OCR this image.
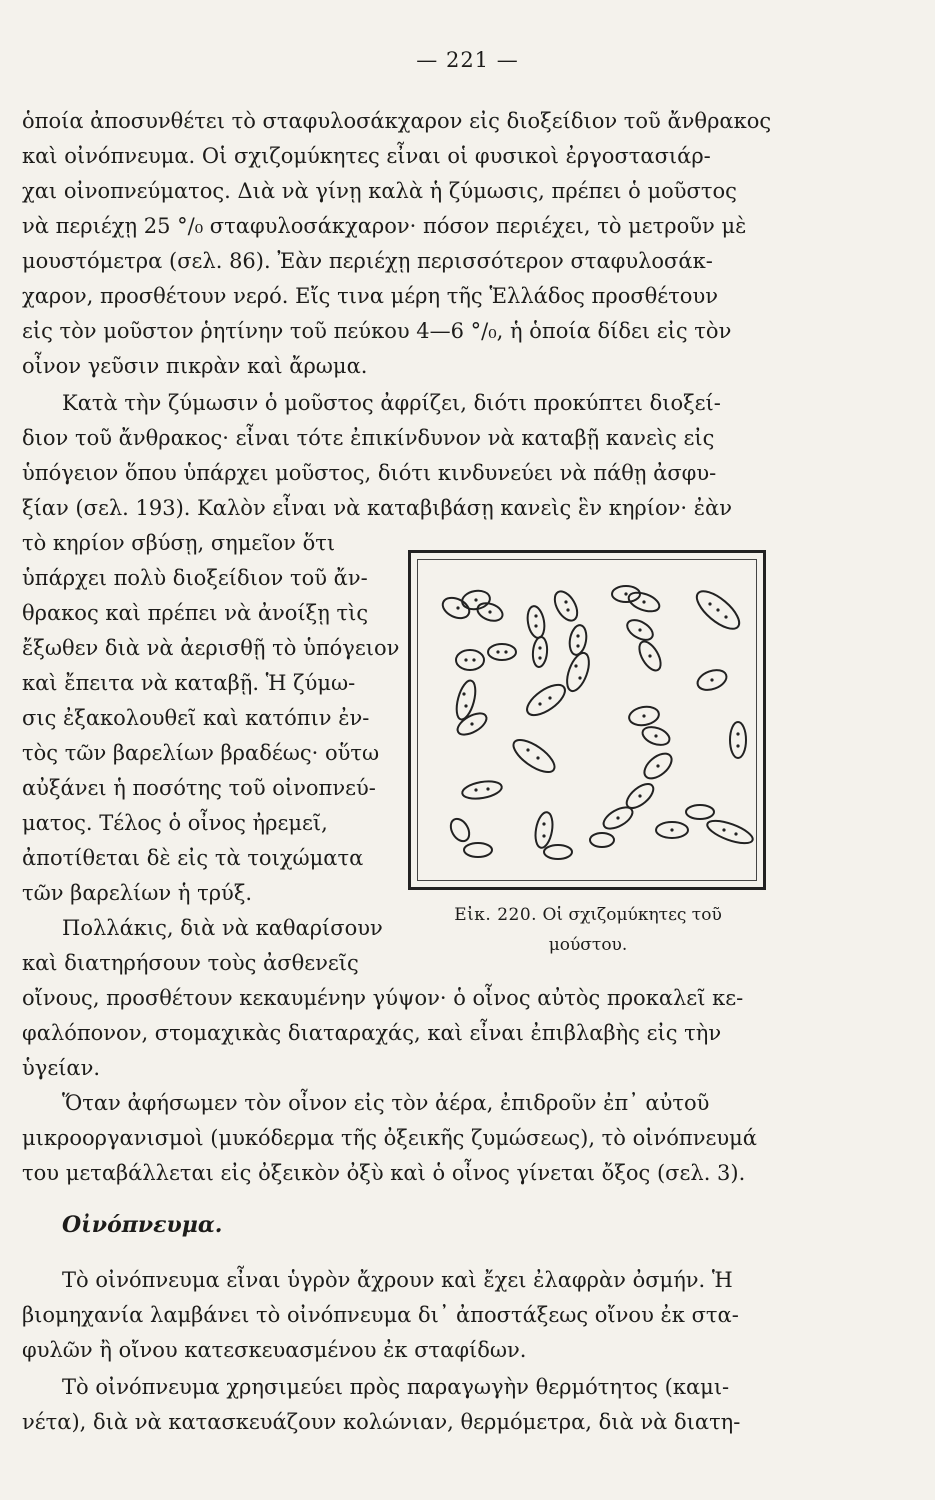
— 221 —
ὁποία ἀποσυνθέτει τὸ σταφυλοσάκχαρον εἰς διοξείδιον τοῦ ἄνθρακος
καὶ οἰνόπνευμα. Οἱ σχιζομύκητες εἶναι οἱ φυσικοὶ ἐργοστασιάρ-
χαι οἰνοπνεύματος. Διὰ νὰ γίνῃ καλὰ ἡ ζύμωσις, πρέπει ὁ μοῦστος
νὰ περιέχῃ 25 °/₀ σταφυλοσάκχαρον· πόσον περιέχει, τὸ μετροῦν μὲ
μουστόμετρα (σελ. 86). Ἐὰν περιέχῃ περισσότερον σταφυλοσάκ-
χαρον, προσθέτουν νερό. Εἴς τινα μέρη τῆς Ἑλλάδος προσθέτουν
εἰς τὸν μοῦστον ῥητίνην τοῦ πεύκου 4—6 °/₀, ἡ ὁποία δίδει εἰς τὸν
οἶνον γεῦσιν πικρὰν καὶ ἄρωμα.
Κατὰ τὴν ζύμωσιν ὁ μοῦστος ἀφρίζει, διότι προκύπτει διοξεί-
διον τοῦ ἄνθρακος· εἶναι τότε ἐπικίνδυνον νὰ καταβῇ κανεὶς εἰς
ὑπόγειον ὅπου ὑπάρχει μοῦστος, διότι κινδυνεύει νὰ πάθῃ ἀσφυ-
ξίαν (σελ. 193). Καλὸν εἶναι νὰ καταβιβάσῃ κανεὶς ἓν κηρίον· ἐὰν
τὸ κηρίον σβύσῃ, σημεῖον ὅτι
ὑπάρχει πολὺ διοξείδιον τοῦ ἄν-
θρακος καὶ πρέπει νὰ ἀνοίξῃ τὶς
ἔξωθεν διὰ νὰ ἀερισθῇ τὸ ὑπόγειον
καὶ ἔπειτα νὰ καταβῇ. Ἡ ζύμω-
σις ἐξακολουθεῖ καὶ κατόπιν ἐν-
τὸς τῶν βαρελίων βραδέως· οὕτω
αὐξάνει ἡ ποσότης τοῦ οἰνοπνεύ-
ματος. Τέλος ὁ οἶνος ἠρεμεῖ,
ἀποτίθεται δὲ εἰς τὰ τοιχώματα
τῶν βαρελίων ἡ τρύξ.
Πολλάκις, διὰ νὰ καθαρίσουν
καὶ διατηρήσουν τοὺς ἀσθενεῖς
οἴνους, προσθέτουν κεκαυμένην γύψον· ὁ οἶνος αὐτὸς προκαλεῖ κε-
φαλόπονον, στομαχικὰς διαταραχάς, καὶ εἶναι ἐπιβλαβὴς εἰς τὴν
ὑγείαν.
Ὅταν ἀφήσωμεν τὸν οἶνον εἰς τὸν ἀέρα, ἐπιδροῦν ἐπ᾿ αὐτοῦ
μικροοργανισμοὶ (μυκόδερμα τῆς ὀξεικῆς ζυμώσεως), τὸ οἰνόπνευμά
του μεταβάλλεται εἰς ὀξεικὸν ὀξὺ καὶ ὁ οἶνος γίνεται ὄξος (σελ. 3).
Οἰνόπνευμα.
Τὸ οἰνόπνευμα εἶναι ὑγρὸν ἄχρουν καὶ ἔχει ἐλαφρὰν ὀσμήν. Ἡ
βιομηχανία λαμβάνει τὸ οἰνόπνευμα δι᾿ ἀποστάξεως οἴνου ἐκ στα-
φυλῶν ἢ οἴνου κατεσκευασμένου ἐκ σταφίδων.
Τὸ οἰνόπνευμα χρησιμεύει πρὸς παραγωγὴν θερμότητος (καμι-
νέτα), διὰ νὰ κατασκευάζουν κολώνιαν, θερμόμετρα, διὰ νὰ διατη-
Εἰκ. 220. Οἱ σχιζομύκητες τοῦ
μούστου.
